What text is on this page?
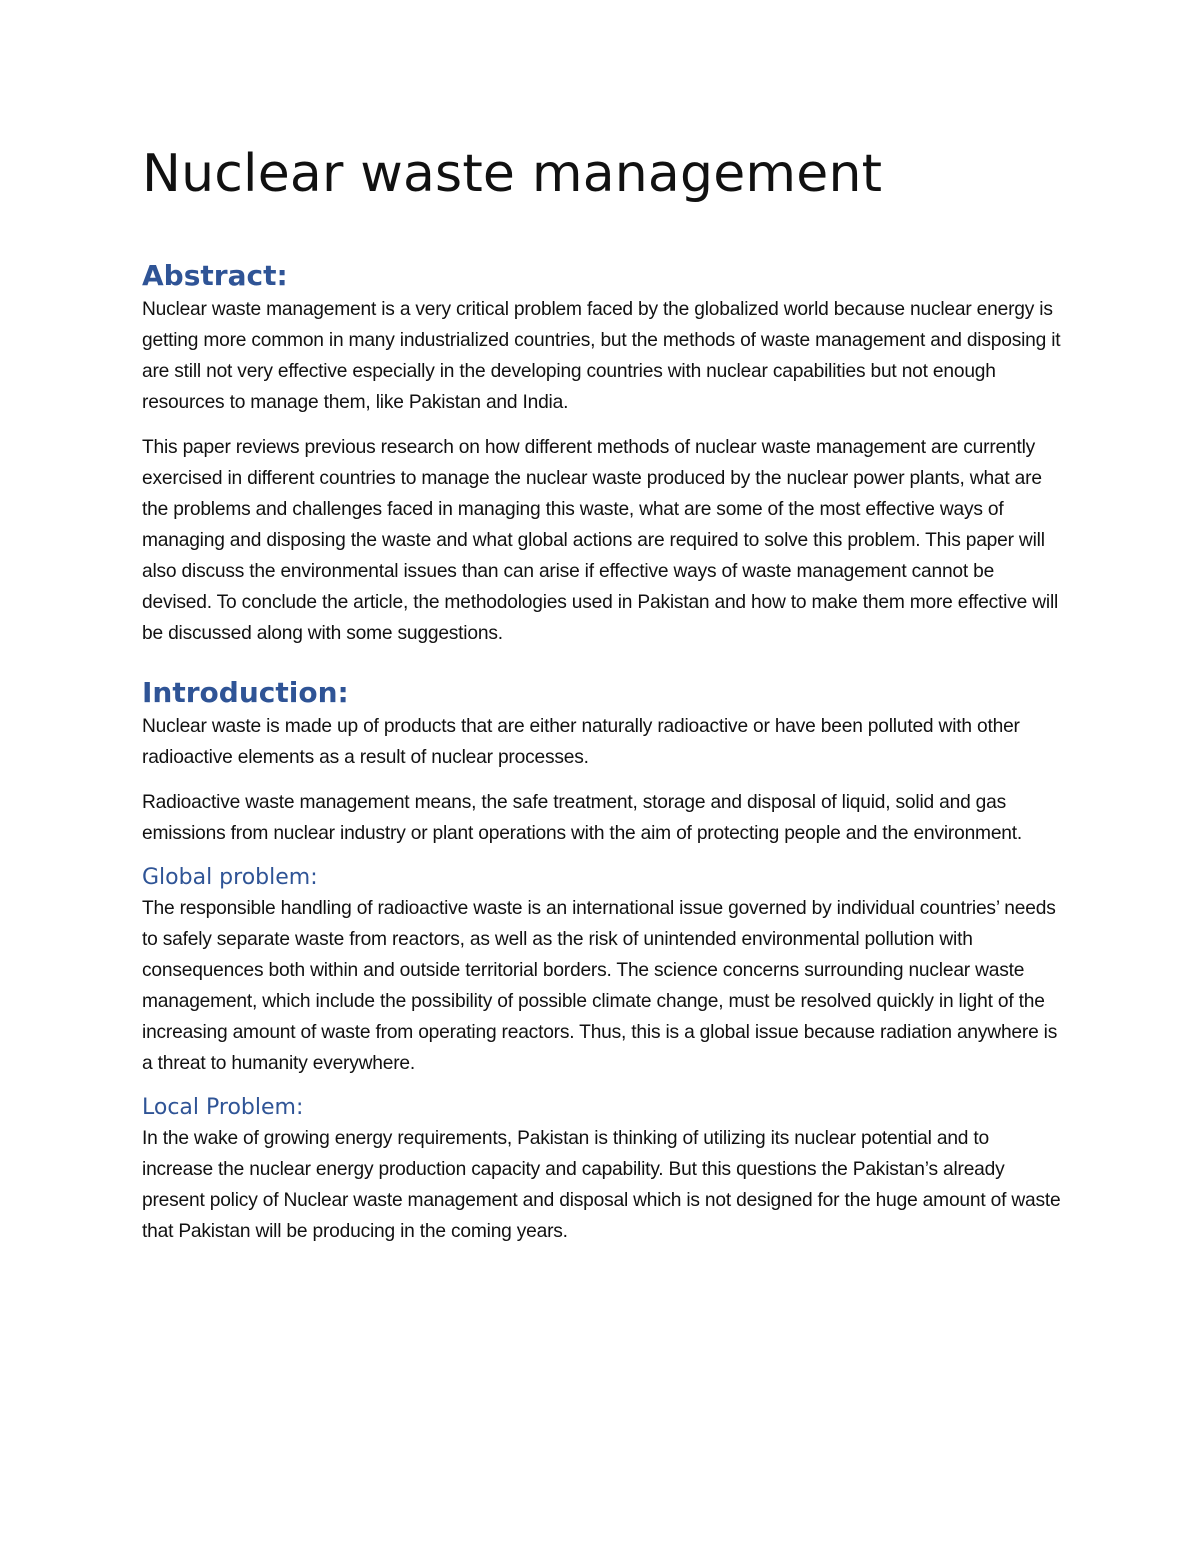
Nuclear waste management
Abstract:

Nuclear waste management is a very critical problem faced by the globalized world because nuclear energy is getting more common in many industrialized countries, but the methods of waste management and disposing it are still not very effective especially in the developing countries with nuclear capabilities but not enough resources to manage them, like Pakistan and India.

This paper reviews previous research on how different methods of nuclear waste management are currently exercised in different countries to manage the nuclear waste produced by the nuclear power plants, what are the problems and challenges faced in managing this waste, what are some of the most effective ways of managing and disposing the waste and what global actions are required to solve this problem. This paper will also discuss the environmental issues than can arise if effective ways of waste management cannot be devised. To conclude the article, the methodologies used in Pakistan and how to make them more effective will be discussed along with some suggestions.

Introduction:

Nuclear waste is made up of products that are either naturally radioactive or have been polluted with other radioactive elements as a result of nuclear processes.

Radioactive waste management means, the safe treatment, storage and disposal of liquid, solid and gas emissions from nuclear industry or plant operations with the aim of protecting people and the environment.

Global problem:

The responsible handling of radioactive waste is an international issue governed by individual countries’ needs to safely separate waste from reactors, as well as the risk of unintended environmental pollution with consequences both within and outside territorial borders. The science concerns surrounding nuclear waste management, which include the possibility of possible climate change, must be resolved quickly in light of the increasing amount of waste from operating reactors. Thus, this is a global issue because radiation anywhere is a threat to humanity everywhere.

Local Problem:

In the wake of growing energy requirements, Pakistan is thinking of utilizing its nuclear potential and to increase the nuclear energy production capacity and capability. But this questions the Pakistan’s already present policy of Nuclear waste management and disposal which is not designed for the huge amount of waste that Pakistan will be producing in the coming years.
